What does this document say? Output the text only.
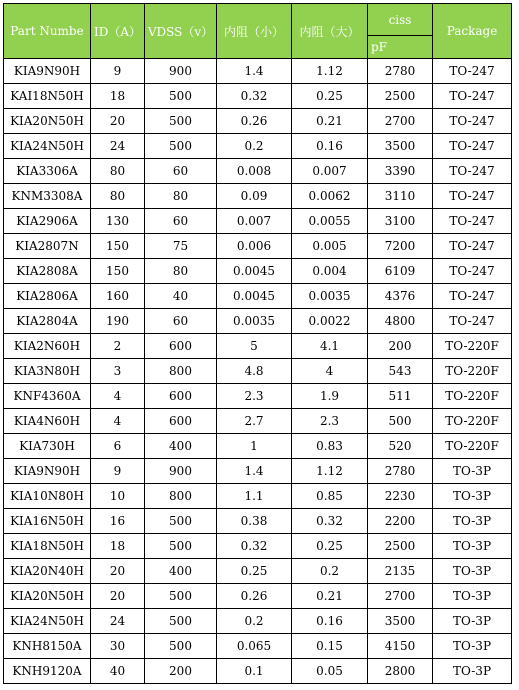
Part Numbe	ID（A）	VDSS（v）	内阻（小）	内阻（大）	ciss	Package
					pF	
KIA9N90H	9	900	1.4	1.12	2780	TO-247
KAI18N50H	18	500	0.32	0.25	2500	TO-247
KIA20N50H	20	500	0.26	0.21	2700	TO-247
KIA24N50H	24	500	0.2	0.16	3500	TO-247
KIA3306A	80	60	0.008	0.007	3390	TO-247
KNM3308A	80	80	0.09	0.0062	3110	TO-247
KIA2906A	130	60	0.007	0.0055	3100	TO-247
KIA2807N	150	75	0.006	0.005	7200	TO-247
KIA2808A	150	80	0.0045	0.004	6109	TO-247
KIA2806A	160	40	0.0045	0.0035	4376	TO-247
KIA2804A	190	60	0.0035	0.0022	4800	TO-247
KIA2N60H	2	600	5	4.1	200	TO-220F
KIA3N80H	3	800	4.8	4	543	TO-220F
KNF4360A	4	600	2.3	1.9	511	TO-220F
KIA4N60H	4	600	2.7	2.3	500	TO-220F
KIA730H	6	400	1	0.83	520	TO-220F
KIA9N90H	9	900	1.4	1.12	2780	TO-3P
KIA10N80H	10	800	1.1	0.85	2230	TO-3P
KIA16N50H	16	500	0.38	0.32	2200	TO-3P
KIA18N50H	18	500	0.32	0.25	2500	TO-3P
KIA20N40H	20	400	0.25	0.2	2135	TO-3P
KIA20N50H	20	500	0.26	0.21	2700	TO-3P
KIA24N50H	24	500	0.2	0.16	3500	TO-3P
KNH8150A	30	500	0.065	0.15	4150	TO-3P
KNH9120A	40	200	0.1	0.05	2800	TO-3P
